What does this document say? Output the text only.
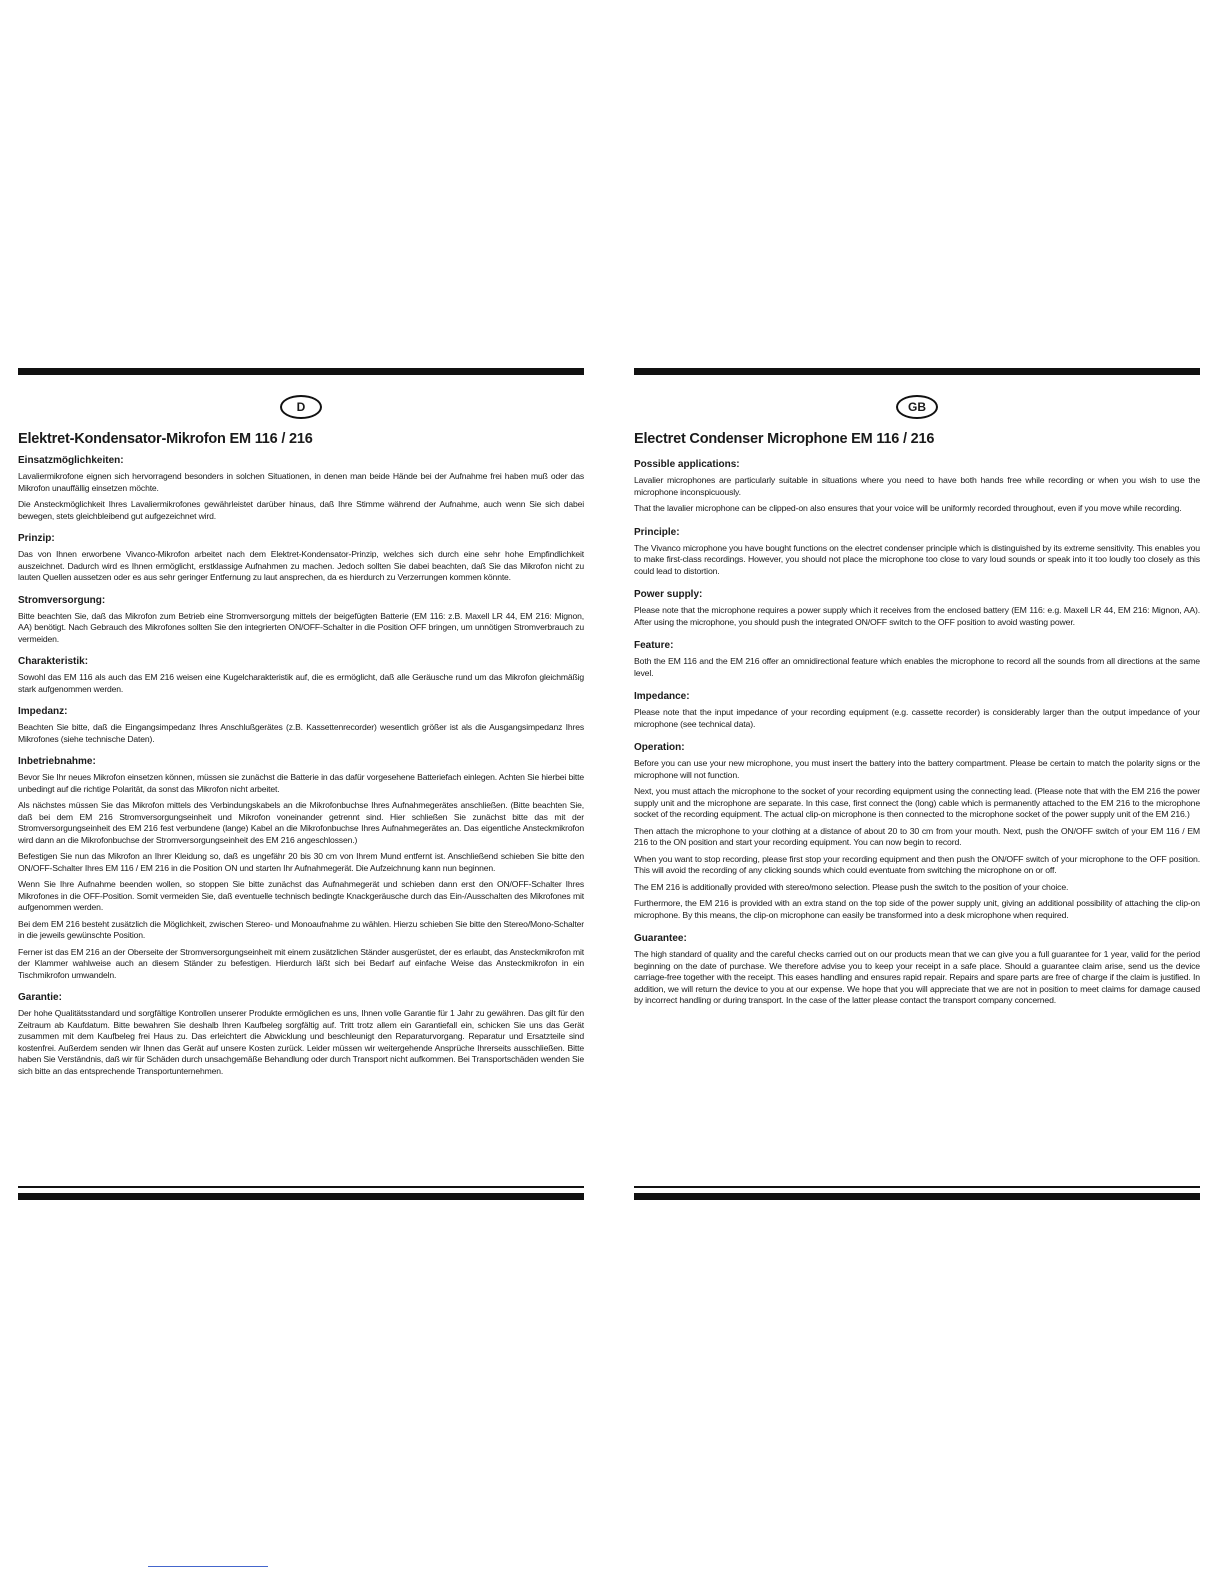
D
Elektret-Kondensator-Mikrofon EM 116 / 216
Einsatzmöglichkeiten:

Lavaliermikrofone eignen sich hervorragend besonders in solchen Situationen, in denen man beide Hände bei der Aufnahme frei haben muß oder das Mikrofon unauffällig einsetzen möchte.

Die Ansteckmöglichkeit Ihres Lavaliermikrofones gewährleistet darüber hinaus, daß Ihre Stimme während der Aufnahme, auch wenn Sie sich dabei bewegen, stets gleichbleibend gut aufgezeichnet wird.

Prinzip:

Das von Ihnen erworbene Vivanco-Mikrofon arbeitet nach dem Elektret-Kondensator-Prinzip, welches sich durch eine sehr hohe Empfindlichkeit auszeichnet. Dadurch wird es Ihnen ermöglicht, erstklassige Aufnahmen zu machen. Jedoch sollten Sie dabei beachten, daß Sie das Mikrofon nicht zu lauten Quellen aussetzen oder es aus sehr geringer Entfernung zu laut ansprechen, da es hierdurch zu Verzerrungen kommen könnte.

Stromversorgung:

Bitte beachten Sie, daß das Mikrofon zum Betrieb eine Stromversorgung mittels der beigefügten Batterie (EM 116: z.B. Maxell LR 44, EM 216: Mignon, AA) benötigt. Nach Gebrauch des Mikrofones sollten Sie den integrierten ON/OFF-Schalter in die Position OFF bringen, um unnötigen Stromverbrauch zu vermeiden.

Charakteristik:

Sowohl das EM 116 als auch das EM 216 weisen eine Kugelcharakteristik auf, die es ermöglicht, daß alle Geräusche rund um das Mikrofon gleichmäßig stark aufgenommen werden.

Impedanz:

Beachten Sie bitte, daß die Eingangsimpedanz Ihres Anschlußgerätes (z.B. Kassettenrecorder) wesentlich größer ist als die Ausgangsimpedanz Ihres Mikrofones (siehe technische Daten).

Inbetriebnahme:

Bevor Sie Ihr neues Mikrofon einsetzen können, müssen sie zunächst die Batterie in das dafür vorgesehene Batteriefach einlegen. Achten Sie hierbei bitte unbedingt auf die richtige Polarität, da sonst das Mikrofon nicht arbeitet.

Als nächstes müssen Sie das Mikrofon mittels des Verbindungskabels an die Mikrofonbuchse Ihres Aufnahmegerätes anschließen. (Bitte beachten Sie, daß bei dem EM 216 Stromversorgungseinheit und Mikrofon voneinander getrennt sind. Hier schließen Sie zunächst bitte das mit der Stromversorgungseinheit des EM 216 fest verbundene (lange) Kabel an die Mikrofonbuchse Ihres Aufnahmegerätes an. Das eigentliche Ansteckmikrofon wird dann an die Mikrofonbuchse der Stromversorgungseinheit des EM 216 angeschlossen.)

Befestigen Sie nun das Mikrofon an Ihrer Kleidung so, daß es ungefähr 20 bis 30 cm von Ihrem Mund entfernt ist. Anschließend schieben Sie bitte den ON/OFF-Schalter Ihres EM 116 / EM 216 in die Position ON und starten Ihr Aufnahmegerät. Die Aufzeichnung kann nun beginnen.

Wenn Sie Ihre Aufnahme beenden wollen, so stoppen Sie bitte zunächst das Aufnahmegerät und schieben dann erst den ON/OFF-Schalter Ihres Mikrofones in die OFF-Position. Somit vermeiden Sie, daß eventuelle technisch bedingte Knackgeräusche durch das Ein-/Ausschalten des Mikrofones mit aufgenommen werden.

Bei dem EM 216 besteht zusätzlich die Möglichkeit, zwischen Stereo- und Monoaufnahme zu wählen. Hierzu schieben Sie bitte den Stereo/Mono-Schalter in die jeweils gewünschte Position.

Ferner ist das EM 216 an der Oberseite der Stromversorgungseinheit mit einem zusätzlichen Ständer ausgerüstet, der es erlaubt, das Ansteckmikrofon mit der Klammer wahlweise auch an diesem Ständer zu befestigen. Hierdurch läßt sich bei Bedarf auf einfache Weise das Ansteckmikrofon in ein Tischmikrofon umwandeln.

Garantie:

Der hohe Qualitätsstandard und sorgfältige Kontrollen unserer Produkte ermöglichen es uns, Ihnen volle Garantie für 1 Jahr zu gewähren. Das gilt für den Zeitraum ab Kaufdatum. Bitte bewahren Sie deshalb Ihren Kaufbeleg sorgfältig auf. Tritt trotz allem ein Garantiefall ein, schicken Sie uns das Gerät zusammen mit dem Kaufbeleg frei Haus zu. Das erleichtert die Abwicklung und beschleunigt den Reparaturvorgang. Reparatur und Ersatzteile sind kostenfrei. Außerdem senden wir Ihnen das Gerät auf unsere Kosten zurück. Leider müssen wir weitergehende Ansprüche Ihrerseits ausschließen. Bitte haben Sie Verständnis, daß wir für Schäden durch unsachgemäße Behandlung oder durch Transport nicht aufkommen. Bei Transportschäden wenden Sie sich bitte an das entsprechende Transportunternehmen.

GB
Electret Condenser Microphone EM 116 / 216
Possible applications:

Lavalier microphones are particularly suitable in situations where you need to have both hands free while recording or when you wish to use the microphone inconspicuously.

That the lavalier microphone can be clipped-on also ensures that your voice will be uniformly recorded throughout, even if you move while recording.

Principle:

The Vivanco microphone you have bought functions on the electret condenser principle which is distinguished by its extreme sensitivity. This enables you to make first-class recordings. However, you should not place the microphone too close to vary loud sounds or speak into it too loudly too closely as this could lead to distortion.

Power supply:

Please note that the microphone requires a power supply which it receives from the enclosed battery (EM 116: e.g. Maxell LR 44, EM 216: Mignon, AA). After using the microphone, you should push the integrated ON/OFF switch to the OFF position to avoid wasting power.

Feature:

Both the EM 116 and the EM 216 offer an omnidirectional feature which enables the microphone to record all the sounds from all directions at the same level.

Impedance:

Please note that the input impedance of your recording equipment (e.g. cassette recorder) is considerably larger than the output impedance of your microphone (see technical data).

Operation:

Before you can use your new microphone, you must insert the battery into the battery compartment. Please be certain to match the polarity signs or the microphone will not function.

Next, you must attach the microphone to the socket of your recording equipment using the connecting lead. (Please note that with the EM 216 the power supply unit and the microphone are separate. In this case, first connect the (long) cable which is permanently attached to the EM 216 to the microphone socket of the recording equipment. The actual clip-on microphone is then connected to the microphone socket of the power supply unit of the EM 216.)

Then attach the microphone to your clothing at a distance of about 20 to 30 cm from your mouth. Next, push the ON/OFF switch of your EM 116 / EM 216 to the ON position and start your recording equipment. You can now begin to record.

When you want to stop recording, please first stop your recording equipment and then push the ON/OFF switch of your microphone to the OFF position. This will avoid the recording of any clicking sounds which could eventuate from switching the microphone on or off.

The EM 216 is additionally provided with stereo/mono selection. Please push the switch to the position of your choice.

Furthermore, the EM 216 is provided with an extra stand on the top side of the power supply unit, giving an additional possibility of attaching the clip-on microphone. By this means, the clip-on microphone can easily be transformed into a desk microphone when required.

Guarantee:

The high standard of quality and the careful checks carried out on our products mean that we can give you a full guarantee for 1 year, valid for the period beginning on the date of purchase. We therefore advise you to keep your receipt in a safe place. Should a guarantee claim arise, send us the device carriage-free together with the receipt. This eases handling and ensures rapid repair. Repairs and spare parts are free of charge if the claim is justified. In addition, we will return the device to you at our expense. We hope that you will appreciate that we are not in position to meet claims for damage caused by incorrect handling or during transport. In the case of the latter please contact the transport company concerned.
